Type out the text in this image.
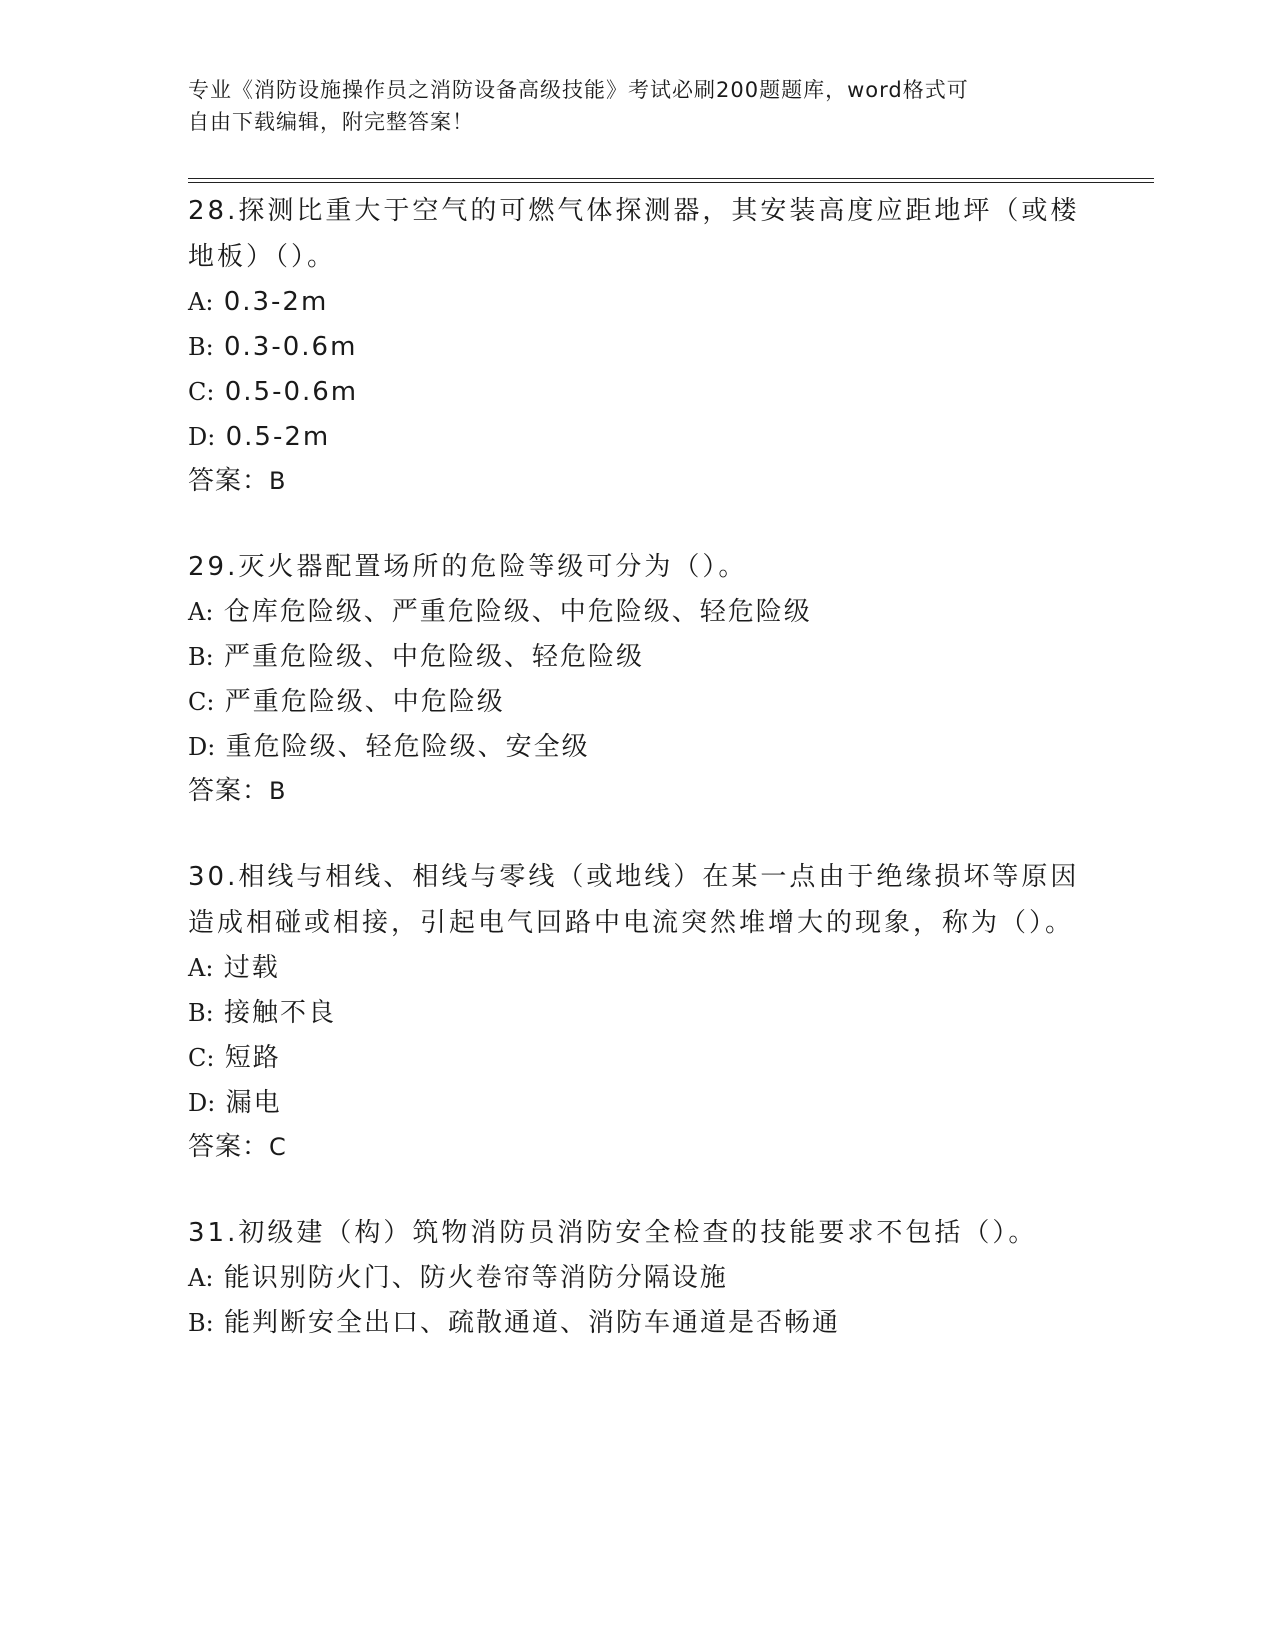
专业《消防设施操作员之消防设备高级技能》考试必刷200题题库，word格式可
自由下载编辑，附完整答案！
28.探测比重大于空气的可燃气体探测器，其安装高度应距地坪（或楼地板）（）。
A: 0.3-2m
B: 0.3-0.6m
C: 0.5-0.6m
D: 0.5-2m
答案：B
29.灭火器配置场所的危险等级可分为（）。
A: 仓库危险级、严重危险级、中危险级、轻危险级
B: 严重危险级、中危险级、轻危险级
C: 严重危险级、中危险级
D: 重危险级、轻危险级、安全级
答案：B
30.相线与相线、相线与零线（或地线）在某一点由于绝缘损坏等原因造成相碰或相接，引起电气回路中电流突然堆增大的现象，称为（）。
A: 过载
B: 接触不良
C: 短路
D: 漏电
答案：C
31.初级建（构）筑物消防员消防安全检查的技能要求不包括（）。
A: 能识别防火门、防火卷帘等消防分隔设施
B: 能判断安全出口、疏散通道、消防车通道是否畅通
